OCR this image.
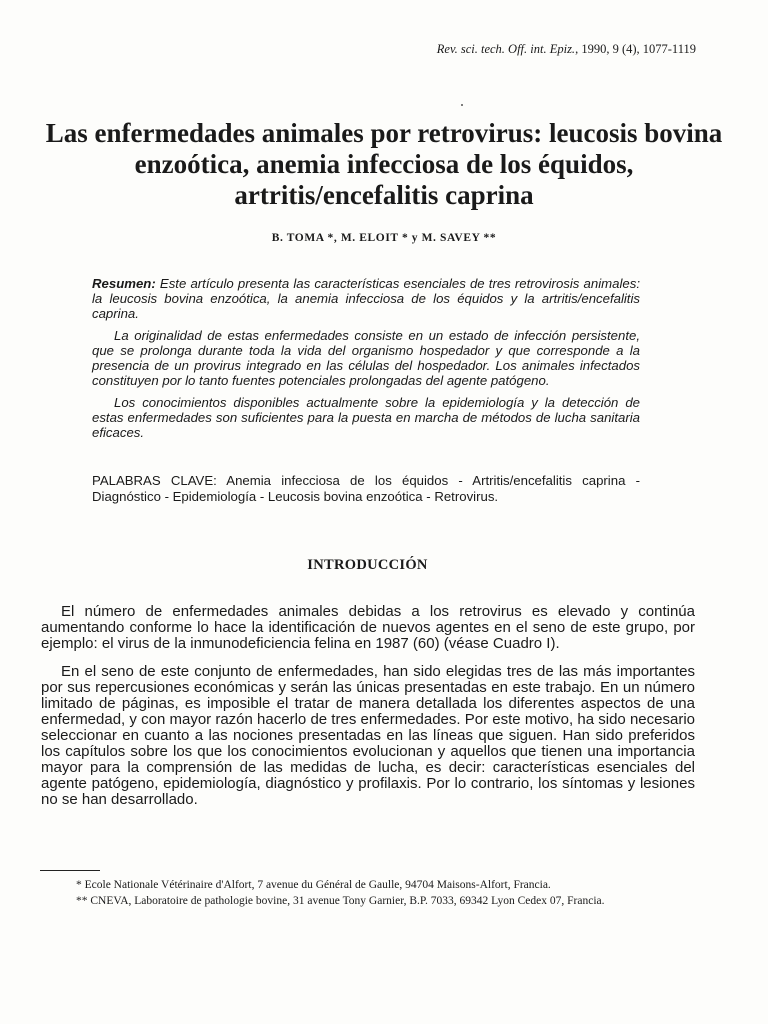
Rev. sci. tech. Off. int. Epiz., 1990, 9 (4), 1077-1119
Las enfermedades animales por retrovirus: leucosis bovina enzoótica, anemia infecciosa de los équidos, artritis/encefalitis caprina
B. TOMA *, M. ELOIT * y M. SAVEY **

Resumen: Este artículo presenta las características esenciales de tres retrovirosis animales: la leucosis bovina enzoótica, la anemia infecciosa de los équidos y la artritis/encefalitis caprina.

La originalidad de estas enfermedades consiste en un estado de infección persistente, que se prolonga durante toda la vida del organismo hospedador y que corresponde a la presencia de un provirus integrado en las células del hospedador. Los animales infectados constituyen por lo tanto fuentes potenciales prolongadas del agente patógeno.

Los conocimientos disponibles actualmente sobre la epidemiología y la detección de estas enfermedades son suficientes para la puesta en marcha de métodos de lucha sanitaria eficaces.

PALABRAS CLAVE: Anemia infecciosa de los équidos - Artritis/encefalitis caprina - Diagnóstico - Epidemiología - Leucosis bovina enzoótica - Retrovirus.

INTRODUCCIÓN

El número de enfermedades animales debidas a los retrovirus es elevado y continúa aumentando conforme lo hace la identificación de nuevos agentes en el seno de este grupo, por ejemplo: el virus de la inmunodeficiencia felina en 1987 (60) (véase Cuadro I).

En el seno de este conjunto de enfermedades, han sido elegidas tres de las más importantes por sus repercusiones económicas y serán las únicas presentadas en este trabajo. En un número limitado de páginas, es imposible el tratar de manera detallada los diferentes aspectos de una enfermedad, y con mayor razón hacerlo de tres enfermedades. Por este motivo, ha sido necesario seleccionar en cuanto a las nociones presentadas en las líneas que siguen. Han sido preferidos los capítulos sobre los que los conocimientos evolucionan y aquellos que tienen una importancia mayor para la comprensión de las medidas de lucha, es decir: características esenciales del agente patógeno, epidemiología, diagnóstico y profilaxis. Por lo contrario, los síntomas y lesiones no se han desarrollado.

* Ecole Nationale Vétérinaire d'Alfort, 7 avenue du Général de Gaulle, 94704 Maisons-Alfort, Francia.

** CNEVA, Laboratoire de pathologie bovine, 31 avenue Tony Garnier, B.P. 7033, 69342 Lyon Cedex 07, Francia.
